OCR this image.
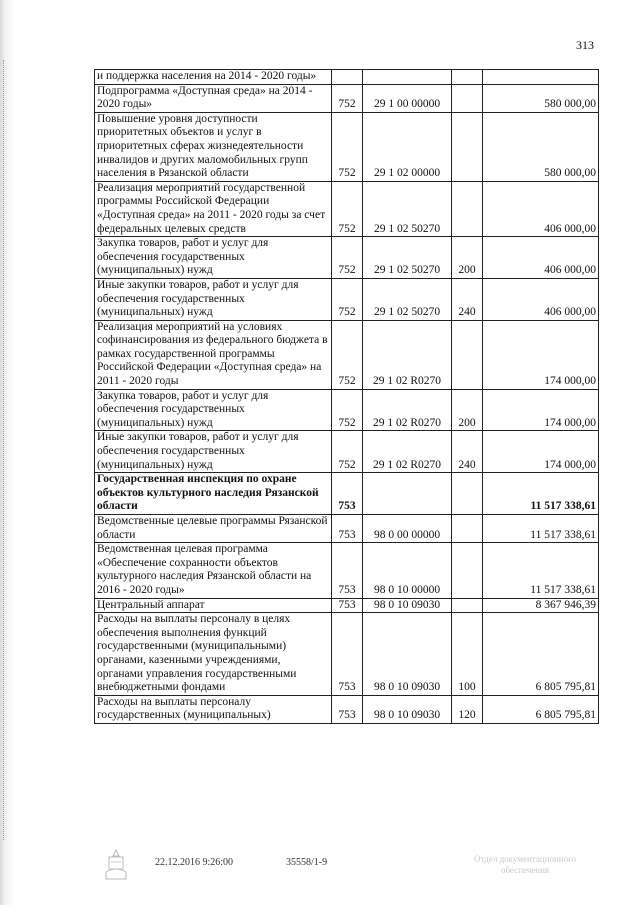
313
и поддержка населения на 2014 - 2020 годы»				
Подпрограмма «Доступная среда» на 2014 - 2020 годы»	752	29 1 00 00000		580 000,00
Повышение уровня доступности приоритетных объектов и услуг в приоритетных сферах жизнедеятельности инвалидов и других маломобильных групп населения в Рязанской области	752	29 1 02 00000		580 000,00
Реализация мероприятий государственной программы Российской Федерации «Доступная среда» на 2011 - 2020 годы за счет федеральных целевых средств	752	29 1 02 50270		406 000,00
Закупка товаров, работ и услуг для обеспечения государственных (муниципальных) нужд	752	29 1 02 50270	200	406 000,00
Иные закупки товаров, работ и услуг для обеспечения государственных (муниципальных) нужд	752	29 1 02 50270	240	406 000,00
Реализация мероприятий на условиях софинансирования из федерального бюджета в рамках государственной программы Российской Федерации «Доступная среда» на 2011 - 2020 годы	752	29 1 02 R0270		174 000,00
Закупка товаров, работ и услуг для обеспечения государственных (муниципальных) нужд	752	29 1 02 R0270	200	174 000,00
Иные закупки товаров, работ и услуг для обеспечения государственных (муниципальных) нужд	752	29 1 02 R0270	240	174 000,00
Государственная инспекция по охране объектов культурного наследия Рязанской области	753			11 517 338,61
Ведомственные целевые программы Рязанской области	753	98 0 00 00000		11 517 338,61
Ведомственная целевая программа «Обеспечение сохранности объектов культурного наследия Рязанской области на 2016 - 2020 годы»	753	98 0 10 00000		11 517 338,61
Центральный аппарат	753	98 0 10 09030		8 367 946,39
Расходы на выплаты персоналу в целях обеспечения выполнения функций государственными (муниципальными) органами, казенными учреждениями, органами управления государственными внебюджетными фондами	753	98 0 10 09030	100	6 805 795,81
Расходы на выплаты персоналу государственных (муниципальных)	753	98 0 10 09030	120	6 805 795,81
22.12.2016 9:26:00	35558/1-9	Отдел документационного
обеспечения
